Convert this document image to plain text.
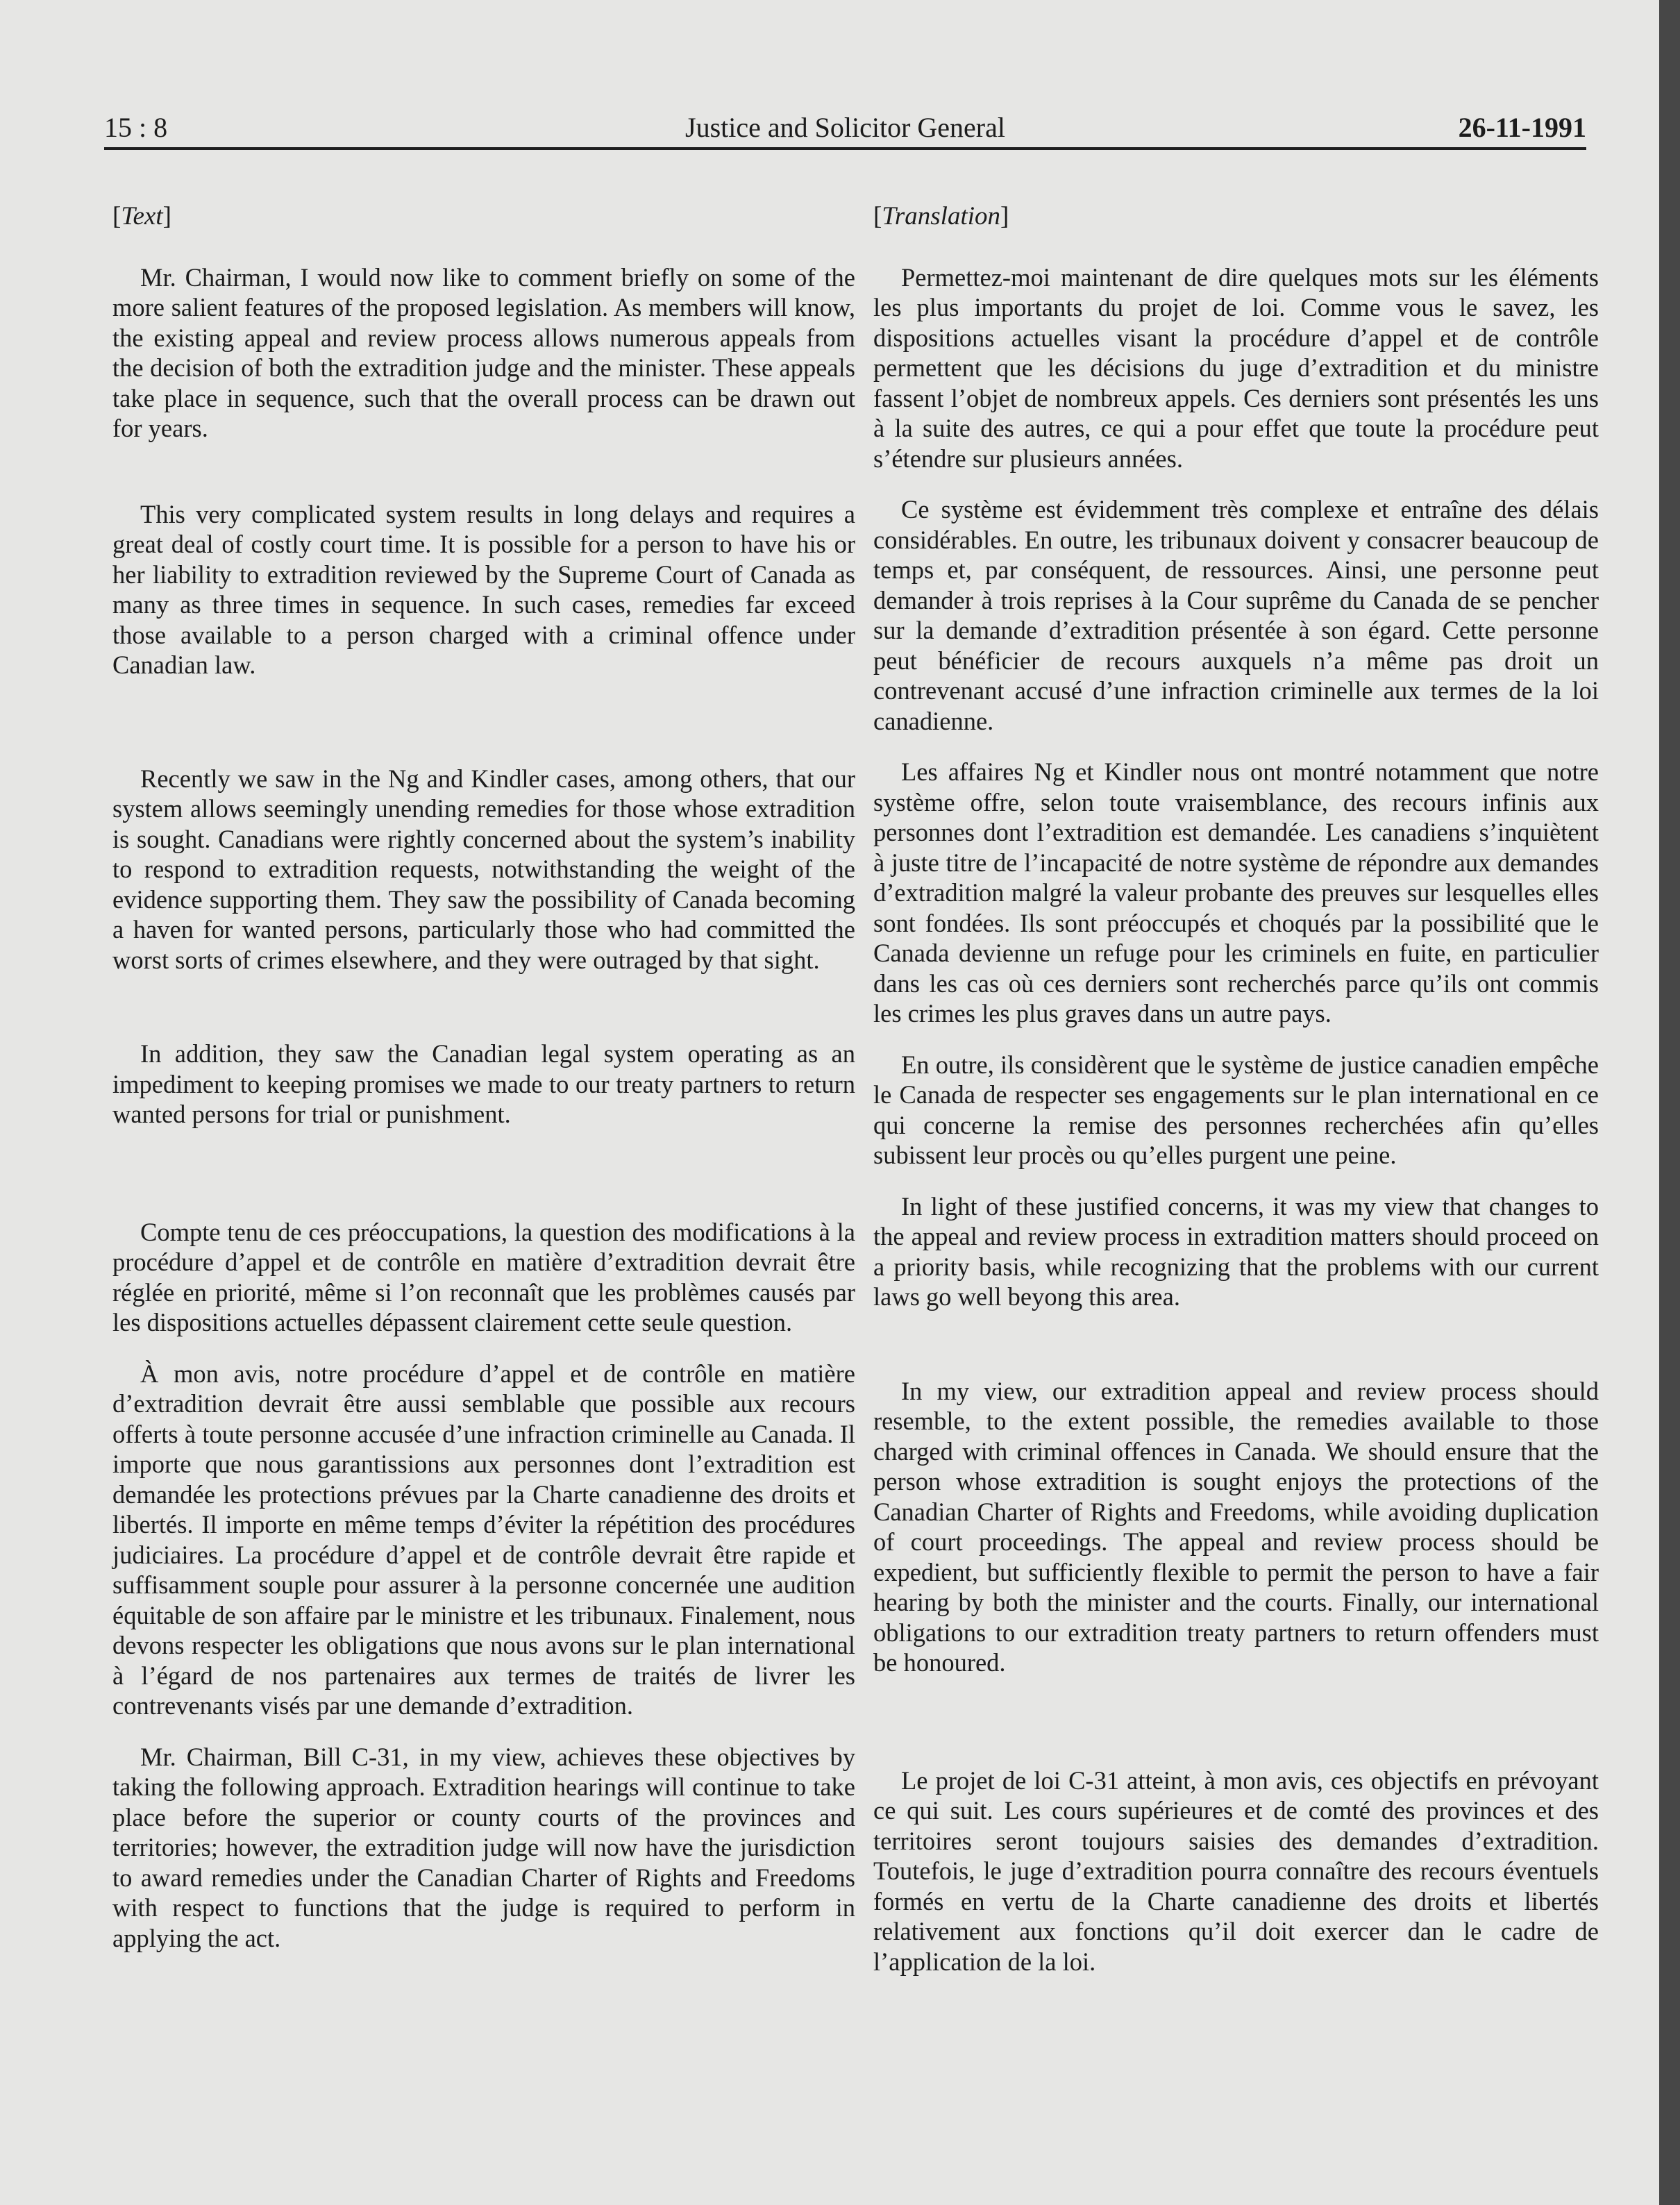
15 : 8	Justice and Solicitor General	26-11-1991
[Text]

Mr. Chairman, I would now like to comment briefly on some of the more salient features of the proposed legislation. As members will know, the existing appeal and review process allows numerous appeals from the decision of both the extradition judge and the minister. These appeals take place in sequence, such that the overall process can be drawn out for years.

This very complicated system results in long delays and requires a great deal of costly court time. It is possible for a person to have his or her liability to extradition reviewed by the Supreme Court of Canada as many as three times in sequence. In such cases, remedies far exceed those available to a person charged with a criminal offence under Canadian law.

Recently we saw in the Ng and Kindler cases, among others, that our system allows seemingly unending remedies for those whose extradition is sought. Canadians were rightly concerned about the system’s inability to respond to extradition requests, notwithstanding the weight of the evidence supporting them. They saw the possibility of Canada becoming a haven for wanted persons, particularly those who had committed the worst sorts of crimes elsewhere, and they were outraged by that sight.

In addition, they saw the Canadian legal system operating as an impediment to keeping promises we made to our treaty partners to return wanted persons for trial or punishment.

Compte tenu de ces préoccupations, la question des modifications à la procédure d’appel et de contrôle en matière d’extradition devrait être réglée en priorité, même si l’on reconnaît que les problèmes causés par les dispositions actuelles dépassent clairement cette seule question.

À mon avis, notre procédure d’appel et de contrôle en matière d’extradition devrait être aussi semblable que possible aux recours offerts à toute personne accusée d’une infraction criminelle au Canada. Il importe que nous garantissions aux personnes dont l’extradition est demandée les protections prévues par la Charte canadienne des droits et libertés. Il importe en même temps d’éviter la répétition des procédures judiciaires. La procédure d’appel et de contrôle devrait être rapide et suffisamment souple pour assurer à la personne concernée une audition équitable de son affaire par le ministre et les tribunaux. Finalement, nous devons respecter les obligations que nous avons sur le plan international à l’égard de nos partenaires aux termes de traités de livrer les contrevenants visés par une demande d’extradition.

Mr. Chairman, Bill C-31, in my view, achieves these objectives by taking the following approach. Extradition hearings will continue to take place before the superior or county courts of the provinces and territories; however, the extradition judge will now have the jurisdiction to award remedies under the Canadian Charter of Rights and Freedoms with respect to functions that the judge is required to perform in applying the act.

[Translation]

Permettez-moi maintenant de dire quelques mots sur les éléments les plus importants du projet de loi. Comme vous le savez, les dispositions actuelles visant la procédure d’appel et de contrôle permettent que les décisions du juge d’extradition et du ministre fassent l’objet de nombreux appels. Ces derniers sont présentés les uns à la suite des autres, ce qui a pour effet que toute la procédure peut s’étendre sur plusieurs années.

Ce système est évidemment très complexe et entraîne des délais considérables. En outre, les tribunaux doivent y consacrer beaucoup de temps et, par conséquent, de ressources. Ainsi, une personne peut demander à trois reprises à la Cour suprême du Canada de se pencher sur la demande d’extradition présentée à son égard. Cette personne peut bénéficier de recours auxquels n’a même pas droit un contrevenant accusé d’une infraction criminelle aux termes de la loi canadienne.

Les affaires Ng et Kindler nous ont montré notamment que notre système offre, selon toute vraisemblance, des recours infinis aux personnes dont l’extradition est demandée. Les canadiens s’inquiètent à juste titre de l’incapacité de notre système de répondre aux demandes d’extradition malgré la valeur probante des preuves sur lesquelles elles sont fondées. Ils sont préoccupés et choqués par la possibilité que le Canada devienne un refuge pour les criminels en fuite, en particulier dans les cas où ces derniers sont recherchés parce qu’ils ont commis les crimes les plus graves dans un autre pays.

En outre, ils considèrent que le système de justice canadien empêche le Canada de respecter ses engagements sur le plan international en ce qui concerne la remise des personnes recherchées afin qu’elles subissent leur procès ou qu’elles purgent une peine.

In light of these justified concerns, it was my view that changes to the appeal and review process in extradition matters should proceed on a priority basis, while recognizing that the problems with our current laws go well beyong this area.

In my view, our extradition appeal and review process should resemble, to the extent possible, the remedies available to those charged with criminal offences in Canada. We should ensure that the person whose extradition is sought enjoys the protections of the Canadian Charter of Rights and Freedoms, while avoiding duplication of court proceedings. The appeal and review process should be expedient, but sufficiently flexible to permit the person to have a fair hearing by both the minister and the courts. Finally, our international obligations to our extradition treaty partners to return offenders must be honoured.

Le projet de loi C-31 atteint, à mon avis, ces objectifs en prévoyant ce qui suit. Les cours supérieures et de comté des provinces et des territoires seront toujours saisies des demandes d’extradition. Toutefois, le juge d’extradition pourra connaître des recours éventuels formés en vertu de la Charte canadienne des droits et libertés relativement aux fonctions qu’il doit exercer dan le cadre de l’application de la loi.
